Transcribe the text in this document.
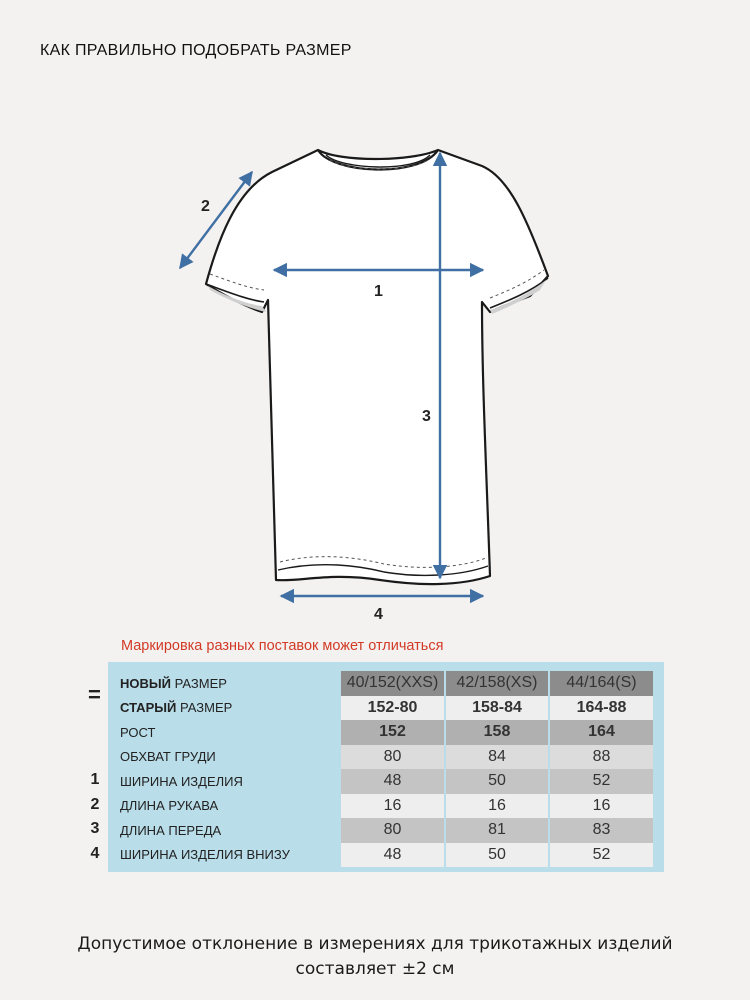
КАК ПРАВИЛЬНО ПОДОБРАТЬ РАЗМЕР
1
2
3
4
Маркировка разных поставок может отличаться
=
1
2
3
4
НОВЫЙ РАЗМЕР	40/152(XXS)	42/158(XS)	44/164(S)
СТАРЫЙ РАЗМЕР	152-80	158-84	164-88
РОСТ	152	158	164
ОБХВАТ ГРУДИ	80	84	88
ШИРИНА ИЗДЕЛИЯ	48	50	52
ДЛИНА РУКАВА	16	16	16
ДЛИНА ПЕРЕДА	80	81	83
ШИРИНА ИЗДЕЛИЯ ВНИЗУ	48	50	52
Допустимое отклонение в измерениях для трикотажных изделий
составляет ±2 см
